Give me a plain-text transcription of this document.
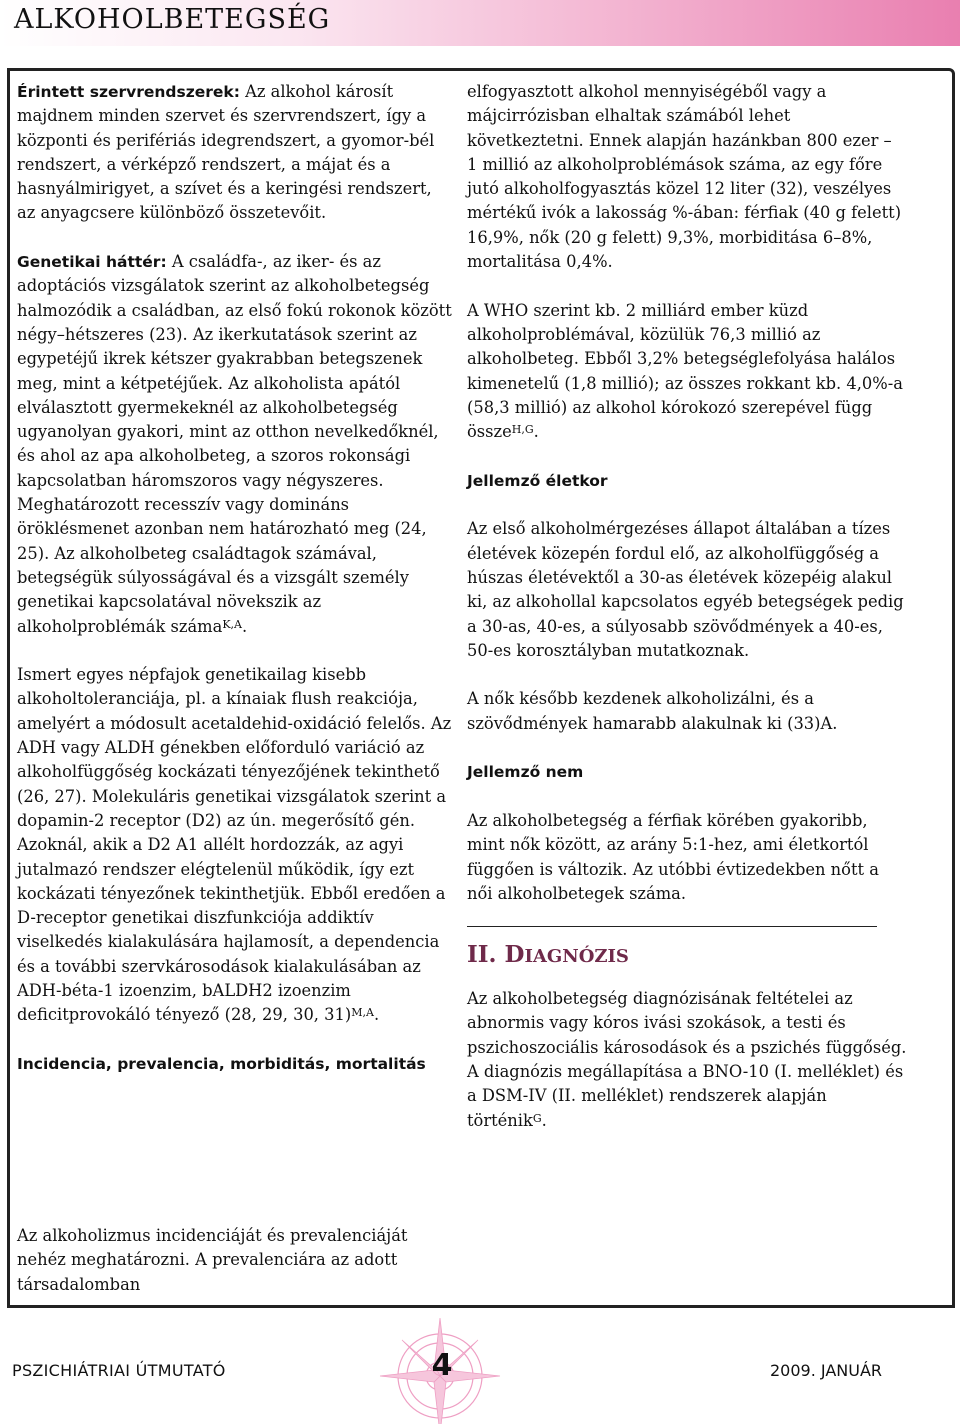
ALKOHOLBETEGSÉG

Érintett szervrendszerek: Az alkohol károsít majdnem minden szervet és szervrendszert, így a központi és perifériás idegrendszert, a gyomor-bél rendszert, a vérképző rendszert, a májat és a hasnyálmirigyet, a szívet és a keringési rendszert, az anyagcsere különböző összetevőit.

Genetikai háttér: A családfa-, az iker- és az adoptációs vizsgálatok szerint az alkoholbetegség halmozódik a családban, az első fokú rokonok között négy–hétszeres (23). Az ikerkutatások szerint az egypetéjű ikrek kétszer gyakrabban betegszenek meg, mint a kétpetéjűek. Az alkoholista apától elválasztott gyermekeknél az alkoholbetegség ugyanolyan gyakori, mint az otthon nevelkedőknél, és ahol az apa alkoholbeteg, a szoros rokonsági kapcsolatban háromszoros vagy négyszeres. Meghatározott recesszív vagy domináns öröklésmenet azonban nem határozható meg (24, 25). Az alkoholbeteg családtagok számával, betegségük súlyosságával és a vizsgált személy genetikai kapcsolatával növekszik az alkoholproblémák száma$^{K,A}$.

Ismert egyes népfajok genetikailag kisebb alkoholtoleranciája, pl. a kínaiak flush reakciója, amelyért a módosult acetaldehid-oxidáció felelős. Az ADH vagy ALDH génekben előforduló variáció az alkoholfüggőség kockázati tényezőjének tekinthető (26, 27). Molekuláris genetikai vizsgálatok szerint a dopamin-2 receptor (D2) az ún. megerősítő gén. Azoknál, akik a D2 A1 allélt hordozzák, az agyi jutalmazó rendszer elégtelenül működik, így ezt kockázati tényezőnek tekinthetjük. Ebből eredően a D-receptor genetikai diszfunkciója addiktív viselkedés kialakulására hajlamosít, a dependencia és a további szervkárosodások kialakulásában az ADH-béta-1 izoenzim, bALDH2 izoenzim deficitprovokáló tényező (28, 29, 30, 31)$^{M,A}$.

Incidencia, prevalencia, morbiditás, mortalitás

Az alkoholizmus incidenciáját és prevalenciáját nehéz meghatározni. A prevalenciára az adott társadalomban

elfogyasztott alkohol mennyiségéből vagy a májcirrózisban elhaltak számából lehet következtetni. Ennek alapján hazánkban 800 ezer – 1 millió az alkoholproblémások száma, az egy főre jutó alkoholfogyasztás közel 12 liter (32), veszélyes mértékű ivók a lakosság %-ában: férfiak (40 g felett) 16,9%, nők (20 g felett) 9,3%, morbiditása 6–8%, mortalitása 0,4%.

A WHO szerint kb. 2 milliárd ember küzd alkoholproblémával, közülük 76,3 millió az alkoholbeteg. Ebből 3,2% betegséglefolyása halálos kimenetelű (1,8 millió); az összes rokkant kb. 4,0%-a (58,3 millió) az alkohol kórokozó szerepével függ össze$^{H,G}$.

Jellemző életkor

Az első alkoholmérgezéses állapot általában a tízes életévek közepén fordul elő, az alkoholfüggőség a húszas életévektől a 30-as életévek közepéig alakul ki, az alkohollal kapcsolatos egyéb betegségek pedig a 30-as, 40-es, a súlyosabb szövődmények a 40-es, 50-es korosztályban mutatkoznak.

A nők később kezdenek alkoholizálni, és a szövődmények hamarabb alakulnak ki (33)A.

Jellemző nem

Az alkoholbetegség a férfiak körében gyakoribb, mint nők között, az arány 5:1-hez, ami életkortól függően is változik. Az utóbbi évtizedekben nőtt a női alkoholbetegek száma.

II. DIAGNÓZIS

Az alkoholbetegség diagnózisának feltételei az abnormis vagy kóros ivási szokások, a testi és pszichoszociális károsodások és a pszichés függőség. A diagnózis megállapítása a BNO-10 (I. melléklet) és a DSM-IV (II. melléklet) rendszerek alapján történik$^G$.

PSZICHIÁTRIAI ÚTMUTATÓ	4	2009. JANUÁR
